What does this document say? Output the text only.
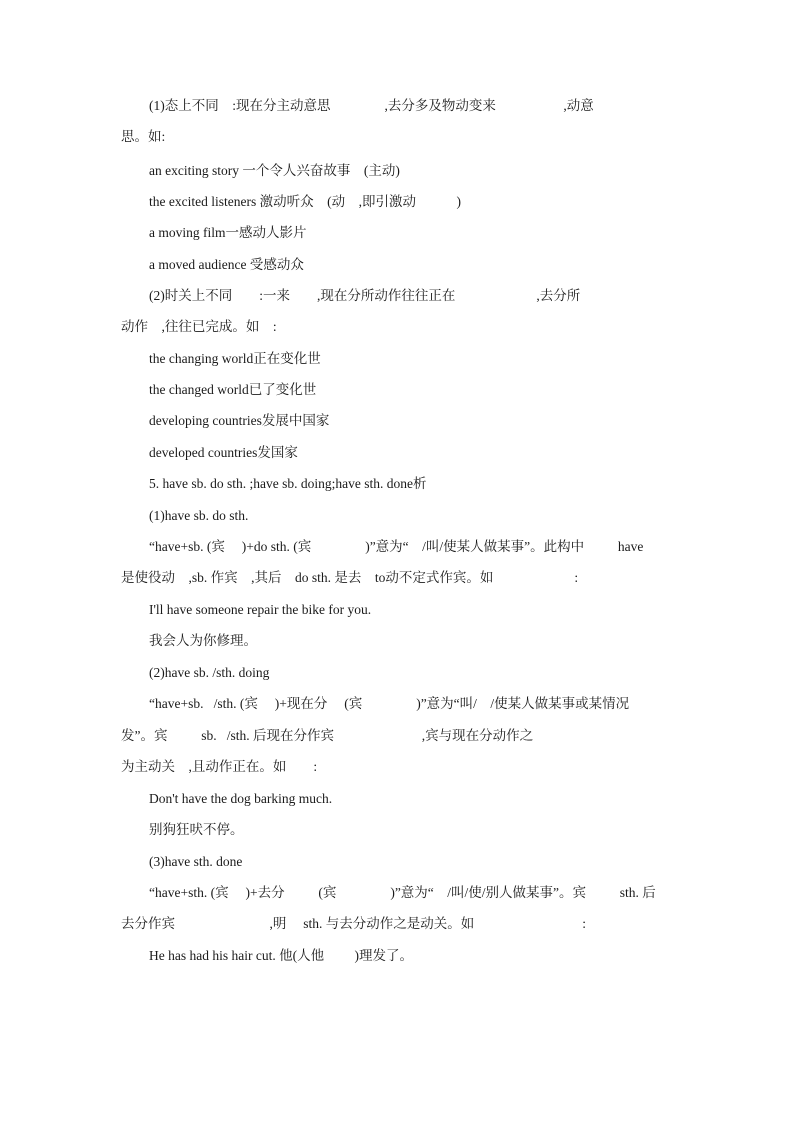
(1)态上不同    :现在分主动意思                ,去分多及物动变来                    ,动意
思。如:
an exciting story 一个令人兴奋故事    (主动)
the excited listeners 激动听众    (动    ,即引激动            )
a moving film一感动人影片
a moved audience 受感动众
(2)时关上不同        :一来        ,现在分所动作往往正在                        ,去分所
动作    ,往往已完成。如    :
the changing world正在变化世
the changed world已了变化世
developing countries发展中国家
developed countries发国家
5. have sb. do sth. ;have sb. doing;have sth. done析
(1)have sb. do sth.
“have+sb. (宾     )+do sth. (宾                )”意为“    /叫/使某人做某事”。此构中          have
是使役动    ,sb. 作宾    ,其后    do sth. 是去    to动不定式作宾。如                        :
I'll have someone repair the bike for you.
我会人为你修理。
(2)have sb. /sth. doing
“have+sb.   /sth. (宾     )+现在分     (宾                )”意为“叫/    /使某人做某事或某情况
发”。宾          sb.   /sth. 后现在分作宾                          ,宾与现在分动作之
为主动关    ,且动作正在。如        :
Don't have the dog barking much.
别狗狂吠不停。
(3)have sth. done
“have+sth. (宾     )+去分          (宾                )”意为“    /叫/使/别人做某事”。宾          sth. 后
去分作宾                            ,明     sth. 与去分动作之是动关。如                                :
He has had his hair cut. 他(人他         )理发了。
